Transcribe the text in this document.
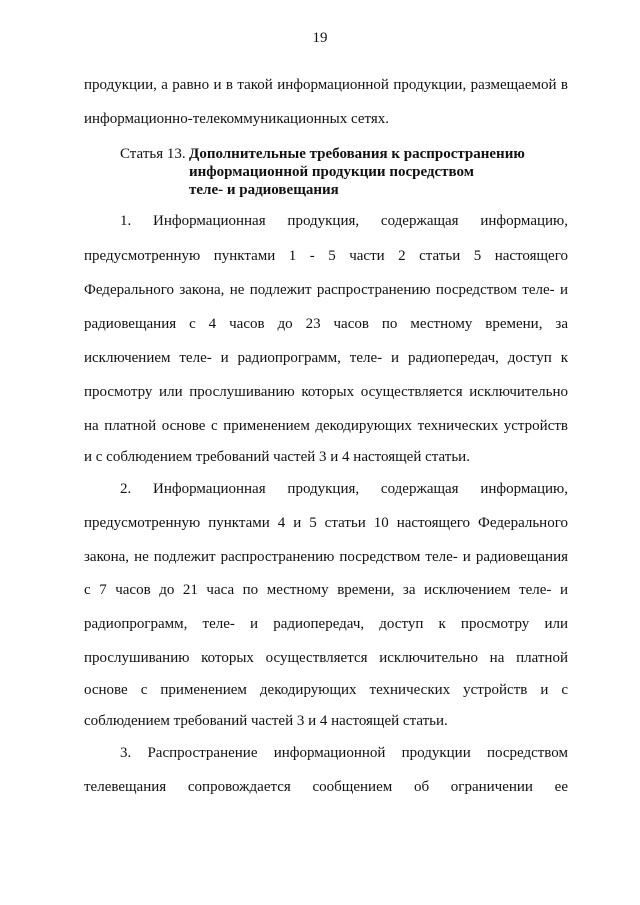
19
продукции, а равно и в такой информационной продукции, размещаемой в
информационно-телекоммуникационных сетях.
Статья 13. Дополнительные требования к распространению
информационной продукции посредством
теле- и радиовещания
1. Информационная продукция, содержащая информацию,
предусмотренную пунктами 1 - 5 части 2 статьи 5 настоящего
Федерального закона, не подлежит распространению посредством теле- и
радиовещания с 4 часов до 23 часов по местному времени, за
исключением теле- и радиопрограмм, теле- и радиопередач, доступ к
просмотру или прослушиванию которых осуществляется исключительно
на платной основе с применением декодирующих технических устройств
и с соблюдением требований частей 3 и 4 настоящей статьи.
2. Информационная продукция, содержащая информацию,
предусмотренную пунктами 4 и 5 статьи 10 настоящего Федерального
закона, не подлежит распространению посредством теле- и радиовещания
с 7 часов до 21 часа по местному времени, за исключением теле- и
радиопрограмм, теле- и радиопередач, доступ к просмотру или
прослушиванию которых осуществляется исключительно на платной
основе с применением декодирующих технических устройств и с
соблюдением требований частей 3 и 4 настоящей статьи.
3. Распространение информационной продукции посредством
телевещания сопровождается сообщением об ограничении ее
